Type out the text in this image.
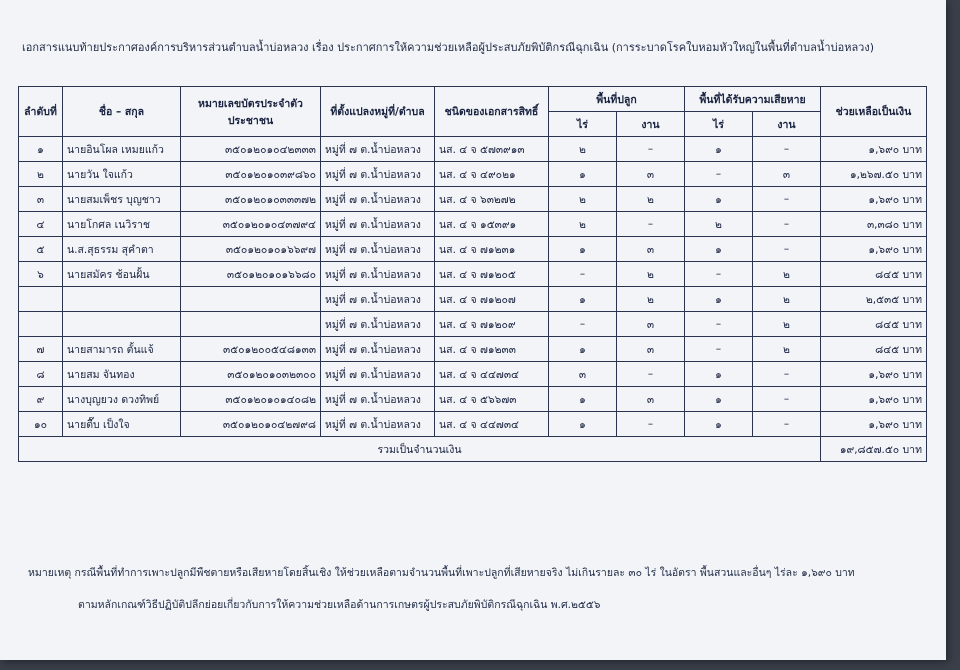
เอกสารแนบท้ายประกาศองค์การบริหารส่วนตำบลน้ำบ่อหลวง เรื่อง ประกาศการให้ความช่วยเหลือผู้ประสบภัยพิบัติกรณีฉุกเฉิน (การระบาดโรคใบหอมหัวใหญ่ในพื้นที่ตำบลน้ำบ่อหลวง)
ลำดับที่	ชื่อ – สกุล	หมายเลขบัตรประจำตัวประชาชน	ที่ตั้งแปลงหมู่ที่/ตำบล	ชนิดของเอกสารสิทธิ์	พื้นที่ปลูก		พื้นที่ได้รับความเสียหาย		ช่วยเหลือเป็นเงิน
					ไร่	งาน	ไร่	งาน	
๑	นายอินโผล เหมยแก้ว	๓๕๐๑๒๐๑๐๔๒๓๓๓	หมู่ที่ ๗ ต.น้ำบ่อหลวง	นส. ๔ จ ๕๗๓๙๑๓	๒	–	๑	–	๑,๖๙๐ บาท
๒	นายวัน ใจแก้ว	๓๕๐๑๒๐๑๐๓๙๘๖๐	หมู่ที่ ๗ ต.น้ำบ่อหลวง	นส. ๔ จ ๔๙๐๒๑	๑	๓	–	๓	๑,๒๖๗.๕๐ บาท
๓	นายสมเพ็ชร บุญชาว	๓๕๐๑๒๐๑๐๓๓๓๗๒	หมู่ที่ ๗ ต.น้ำบ่อหลวง	นส. ๔ จ ๖๓๒๗๒	๒	๒	๑	–	๑,๖๙๐ บาท
๔	นายโกศล เนวิราช	๓๕๐๑๒๐๑๐๔๓๗๙๔	หมู่ที่ ๗ ต.น้ำบ่อหลวง	นส. ๔ จ ๑๕๓๙๑	๒	–	๒	–	๓,๓๘๐ บาท
๕	น.ส.สุธรรม สุคำตา	๓๕๐๑๒๐๑๐๑๖๖๙๗	หมู่ที่ ๗ ต.น้ำบ่อหลวง	นส. ๔ จ ๗๑๒๓๑	๑	๓	๑	–	๑,๖๙๐ บาท
๖	นายสมัคร ช้อนฝั้น	๓๕๐๑๒๐๑๐๑๖๖๘๐	หมู่ที่ ๗ ต.น้ำบ่อหลวง	นส. ๔ จ ๗๑๒๐๕	–	๒	–	๒	๘๔๕ บาท
			หมู่ที่ ๗ ต.น้ำบ่อหลวง	นส. ๔ จ ๗๑๒๐๗	๑	๒	๑	๒	๒,๕๓๕ บาท
			หมู่ที่ ๗ ต.น้ำบ่อหลวง	นส. ๔ จ ๗๑๒๐๙	–	๓	–	๒	๘๔๕ บาท
๗	นายสามารถ ตั้นแจ้	๓๕๐๑๒๐๐๕๔๘๑๓๓	หมู่ที่ ๗ ต.น้ำบ่อหลวง	นส. ๔ จ ๗๑๒๓๓	๑	๓	–	๒	๘๔๕ บาท
๘	นายสม จันทอง	๓๕๐๑๒๐๑๐๓๒๓๐๐	หมู่ที่ ๗ ต.น้ำบ่อหลวง	นส. ๔ จ ๔๔๗๓๔	๓	–	๑	–	๑,๖๙๐ บาท
๙	นางบุญยวง ดวงทิพย์	๓๕๐๑๒๐๑๐๑๔๐๘๒	หมู่ที่ ๗ ต.น้ำบ่อหลวง	นส. ๔ จ ๕๖๖๗๓	๑	๓	๑	–	๑,๖๙๐ บาท
๑๐	นายตื๊บ เป็งใจ	๓๕๐๑๒๐๑๐๔๒๗๙๘	หมู่ที่ ๗ ต.น้ำบ่อหลวง	นส. ๔ จ ๔๔๗๓๔	๑	–	๑	–	๑,๖๙๐ บาท
รวมเป็นจำนวนเงิน									๑๙,๘๕๗.๕๐ บาท
หมายเหตุ กรณีพื้นที่ทำการเพาะปลูกมีพืชตายหรือเสียหายโดยสิ้นเชิง ให้ช่วยเหลือตามจำนวนพื้นที่เพาะปลูกที่เสียหายจริง ไม่เกินรายละ ๓๐ ไร่ ในอัตรา พื้นสวนและอื่นๆ ไร่ละ ๑,๖๙๐ บาท
ตามหลักเกณฑ์วิธีปฏิบัติปลีกย่อยเกี่ยวกับการให้ความช่วยเหลือด้านการเกษตรผู้ประสบภัยพิบัติกรณีฉุกเฉิน พ.ศ.๒๕๕๖
